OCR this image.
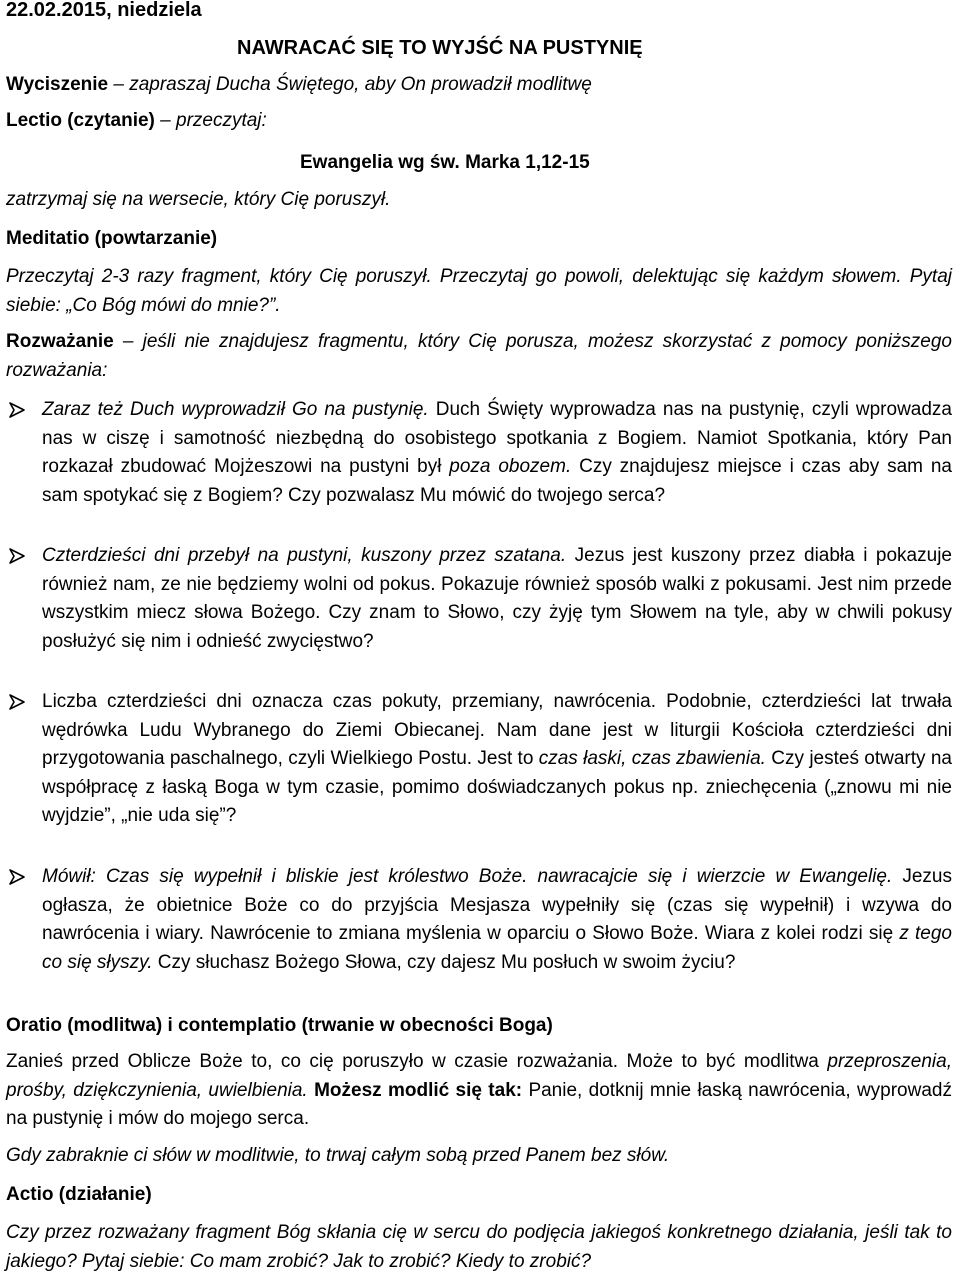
22.02.2015, niedziela
NAWRACAĆ SIĘ TO WYJŚĆ NA PUSTYNIĘ
Wyciszenie – zapraszaj Ducha Świętego, aby On prowadził modlitwę
Lectio (czytanie) – przeczytaj:
Ewangelia wg św. Marka 1,12-15
zatrzymaj się na wersecie, który Cię poruszył.
Meditatio (powtarzanie)
Przeczytaj 2-3 razy fragment, który Cię poruszył. Przeczytaj go powoli, delektując się każdym słowem. Pytaj siebie: „Co Bóg mówi do mnie?”.
Rozważanie – jeśli nie znajdujesz fragmentu, który Cię porusza, możesz skorzystać z pomocy poniższego rozważania:
Zaraz też Duch wyprowadził Go na pustynię. Duch Święty wyprowadza nas na pustynię, czyli wprowadza nas w ciszę i samotność niezbędną do osobistego spotkania z Bogiem. Namiot Spotkania, który Pan rozkazał zbudować Mojżeszowi na pustyni był poza obozem. Czy znajdujesz miejsce i czas aby sam na sam spotykać się z Bogiem? Czy pozwalasz Mu mówić do twojego serca?
Czterdzieści dni przebył na pustyni, kuszony przez szatana. Jezus jest kuszony przez diabła i pokazuje również nam, ze nie będziemy wolni od pokus. Pokazuje również sposób walki z pokusami. Jest nim przede wszystkim miecz słowa Bożego. Czy znam to Słowo, czy żyję tym Słowem na tyle, aby w chwili pokusy posłużyć się nim i odnieść zwycięstwo?
Liczba czterdzieści dni oznacza czas pokuty, przemiany, nawrócenia. Podobnie, czterdzieści lat trwała wędrówka Ludu Wybranego do Ziemi Obiecanej. Nam dane jest w liturgii Kościoła czterdzieści dni przygotowania paschalnego, czyli Wielkiego Postu. Jest to czas łaski, czas zbawienia. Czy jesteś otwarty na współpracę z łaską Boga w tym czasie, pomimo doświadczanych pokus np. zniechęcenia („znowu mi nie wyjdzie”, „nie uda się”?
Mówił: Czas się wypełnił i bliskie jest królestwo Boże. nawracajcie się i wierzcie w Ewangelię. Jezus ogłasza, że obietnice Boże co do przyjścia Mesjasza wypełniły się (czas się wypełnił) i wzywa do nawrócenia i wiary. Nawrócenie to zmiana myślenia w oparciu o Słowo Boże. Wiara z kolei rodzi się z tego co się słyszy. Czy słuchasz Bożego Słowa, czy dajesz Mu posłuch w swoim życiu?
Oratio (modlitwa) i contemplatio (trwanie w obecności Boga)
Zanieś przed Oblicze Boże to, co cię poruszyło w czasie rozważania. Może to być modlitwa przeproszenia, prośby, dziękczynienia, uwielbienia. Możesz modlić się tak: Panie, dotknij mnie łaską nawrócenia, wyprowadź na pustynię i mów do mojego serca.
Gdy zabraknie ci słów w modlitwie, to trwaj całym sobą przed Panem bez słów.
Actio (działanie)
Czy przez rozważany fragment Bóg skłania cię w sercu do podjęcia jakiegoś konkretnego działania, jeśli tak to jakiego? Pytaj siebie: Co mam zrobić? Jak to zrobić? Kiedy to zrobić?
